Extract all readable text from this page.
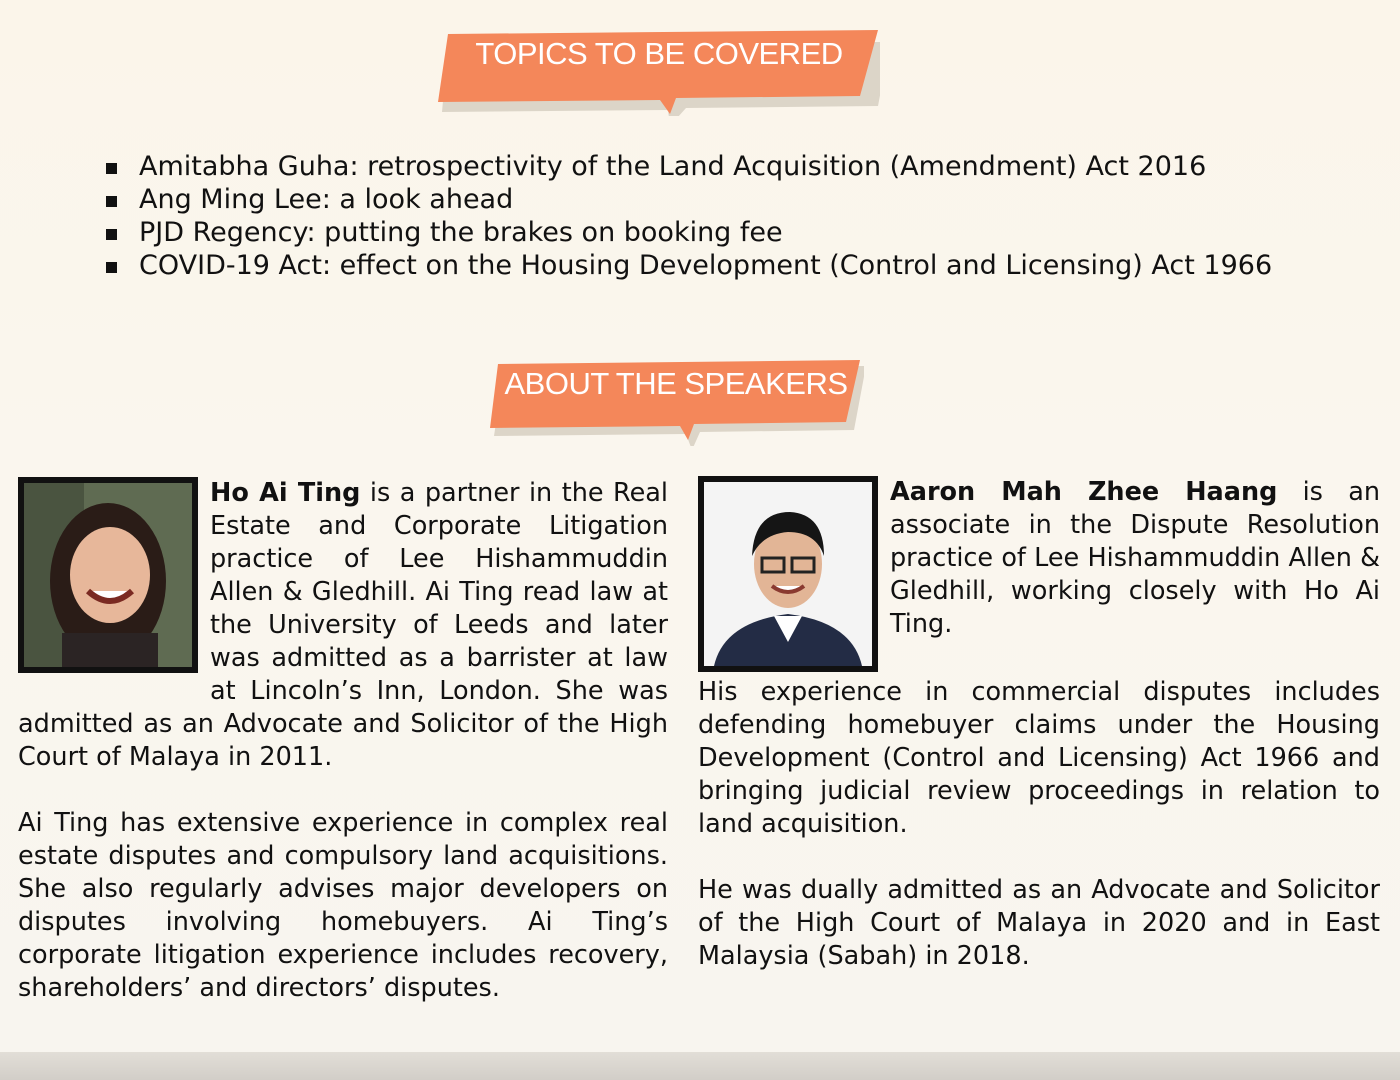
TOPICS TO BE COVERED
Amitabha Guha: retrospectivity of the Land Acquisition (Amendment) Act 2016
Ang Ming Lee: a look ahead
PJD Regency: putting the brakes on booking fee
COVID-19 Act: effect on the Housing Development (Control and Licensing) Act 1966
ABOUT THE SPEAKERS

Ho Ai Ting is a partner in the Real Estate and Corporate Litigation practice of Lee Hishammuddin Allen & Gledhill. Ai Ting read law at the University of Leeds and later was admitted as a barrister at law at Lincoln’s Inn, London. She was admitted as an Advocate and Solicitor of the High Court of Malaya in 2011.

Ai Ting has extensive experience in complex real estate disputes and compulsory land acquisitions. She also regularly advises major developers on disputes involving homebuyers. Ai Ting’s corporate litigation experience includes recovery, shareholders’ and directors’ disputes.

Aaron Mah Zhee Haang is an associate in the Dispute Resolution practice of Lee Hishammuddin Allen & Gledhill, working closely with Ho Ai Ting.

His experience in commercial disputes includes defending homebuyer claims under the Housing Development (Control and Licensing) Act 1966 and bringing judicial review proceedings in relation to land acquisition.

He was dually admitted as an Advocate and Solicitor of the High Court of Malaya in 2020 and in East Malaysia (Sabah) in 2018.
